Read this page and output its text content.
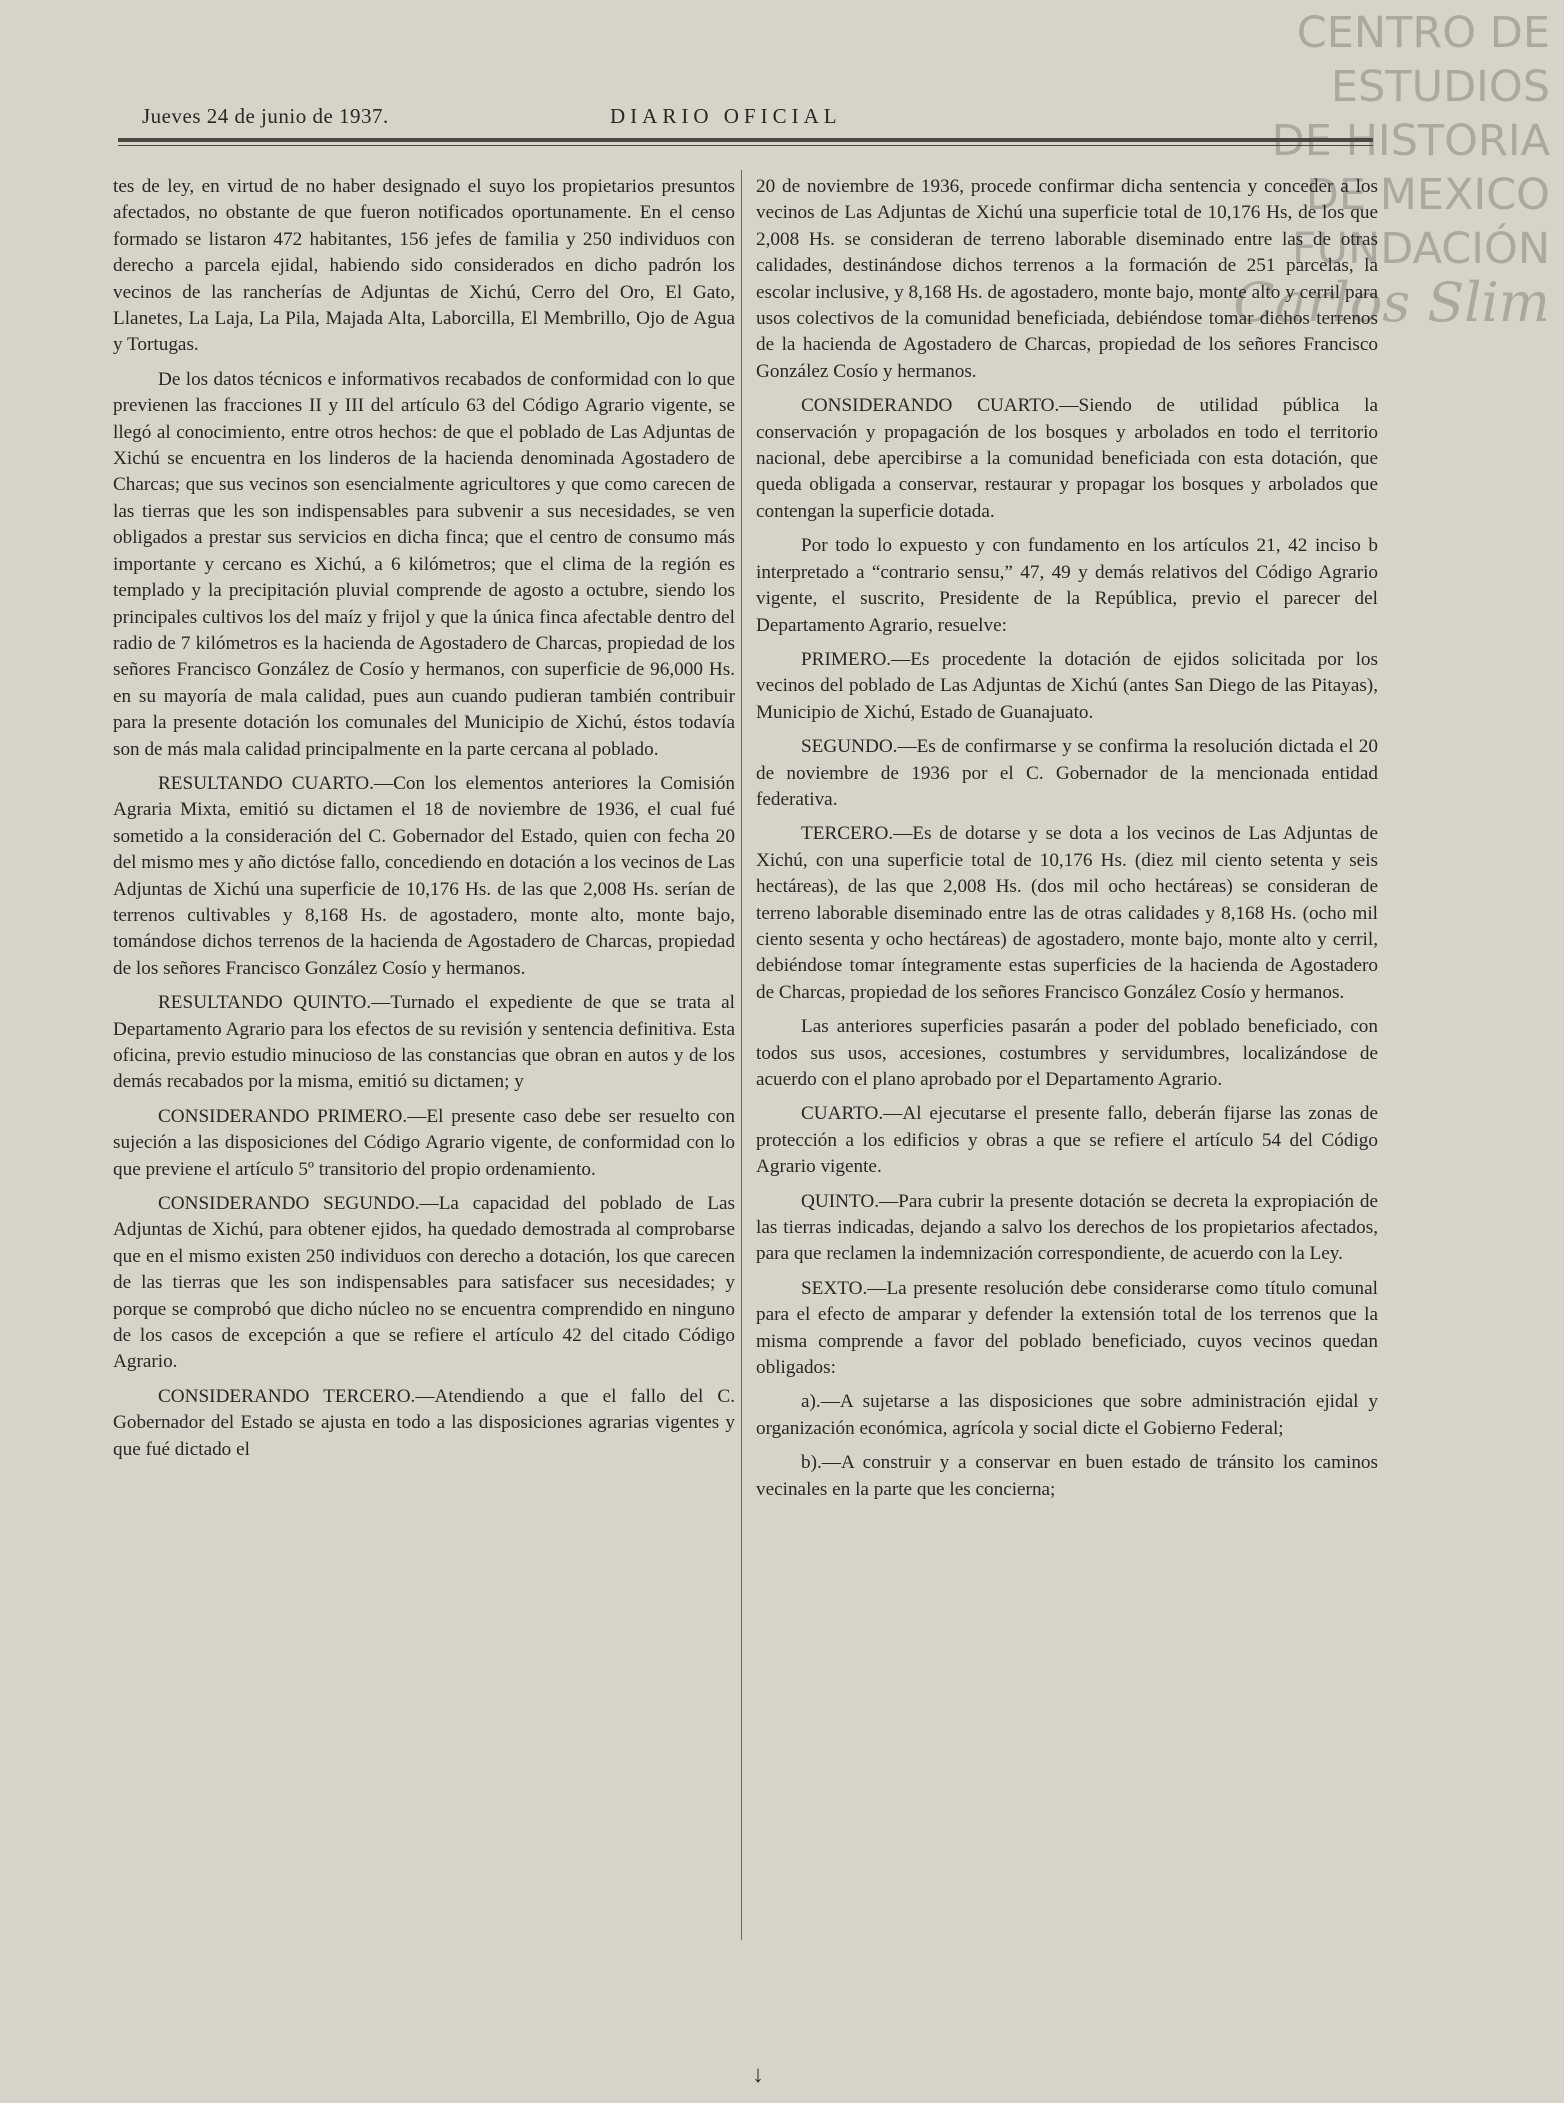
CENTRO DE
ESTUDIOS
DE HISTORIA
DE MEXICO
FUNDACIÓN
Carlos Slim
Jueves 24 de junio de 1937.	DIARIO OFICIAL

tes de ley, en virtud de no haber designado el suyo los propietarios presuntos afectados, no obstante de que fueron notificados oportunamente. En el censo formado se listaron 472 habitantes, 156 jefes de familia y 250 individuos con derecho a parcela ejidal, habiendo sido considerados en dicho padrón los vecinos de las rancherías de Adjuntas de Xichú, Cerro del Oro, El Gato, Llanetes, La Laja, La Pila, Majada Alta, Laborcilla, El Membrillo, Ojo de Agua y Tortugas.

De los datos técnicos e informativos recabados de conformidad con lo que previenen las fracciones II y III del artículo 63 del Código Agrario vigente, se llegó al conocimiento, entre otros hechos: de que el poblado de Las Adjuntas de Xichú se encuentra en los linderos de la hacienda denominada Agostadero de Charcas; que sus vecinos son esencialmente agricultores y que como carecen de las tierras que les son indispensables para subvenir a sus necesidades, se ven obligados a prestar sus servicios en dicha finca; que el centro de consumo más importante y cercano es Xichú, a 6 kilómetros; que el clima de la región es templado y la precipitación pluvial comprende de agosto a octubre, siendo los principales cultivos los del maíz y frijol y que la única finca afectable dentro del radio de 7 kilómetros es la hacienda de Agostadero de Charcas, propiedad de los señores Francisco González de Cosío y hermanos, con superficie de 96,000 Hs. en su mayoría de mala calidad, pues aun cuando pudieran también contribuir para la presente dotación los comunales del Municipio de Xichú, éstos todavía son de más mala calidad principalmente en la parte cercana al poblado.

RESULTANDO CUARTO.—Con los elementos anteriores la Comisión Agraria Mixta, emitió su dictamen el 18 de noviembre de 1936, el cual fué sometido a la consideración del C. Gobernador del Estado, quien con fecha 20 del mismo mes y año dictóse fallo, concediendo en dotación a los vecinos de Las Adjuntas de Xichú una superficie de 10,176 Hs. de las que 2,008 Hs. serían de terrenos cultivables y 8,168 Hs. de agostadero, monte alto, monte bajo, tomándose dichos terrenos de la hacienda de Agostadero de Charcas, propiedad de los señores Francisco González Cosío y hermanos.

RESULTANDO QUINTO.—Turnado el expediente de que se trata al Departamento Agrario para los efectos de su revisión y sentencia definitiva. Esta oficina, previo estudio minucioso de las constancias que obran en autos y de los demás recabados por la misma, emitió su dictamen; y

CONSIDERANDO PRIMERO.—El presente caso debe ser resuelto con sujeción a las disposiciones del Código Agrario vigente, de conformidad con lo que previene el artículo 5º transitorio del propio ordenamiento.

CONSIDERANDO SEGUNDO.—La capacidad del poblado de Las Adjuntas de Xichú, para obtener ejidos, ha quedado demostrada al comprobarse que en el mismo existen 250 individuos con derecho a dotación, los que carecen de las tierras que les son indispensables para satisfacer sus necesidades; y porque se comprobó que dicho núcleo no se encuentra comprendido en ninguno de los casos de excepción a que se refiere el artículo 42 del citado Código Agrario.

CONSIDERANDO TERCERO.—Atendiendo a que el fallo del C. Gobernador del Estado se ajusta en todo a las disposiciones agrarias vigentes y que fué dictado el

20 de noviembre de 1936, procede confirmar dicha sentencia y conceder a los vecinos de Las Adjuntas de Xichú una superficie total de 10,176 Hs, de los que 2,008 Hs. se consideran de terreno laborable diseminado entre las de otras calidades, destinándose dichos terrenos a la formación de 251 parcelas, la escolar inclusive, y 8,168 Hs. de agostadero, monte bajo, monte alto y cerril para usos colectivos de la comunidad beneficiada, debiéndose tomar dichos terrenos de la hacienda de Agostadero de Charcas, propiedad de los señores Francisco González Cosío y hermanos.

CONSIDERANDO CUARTO.—Siendo de utilidad pública la conservación y propagación de los bosques y arbolados en todo el territorio nacional, debe apercibirse a la comunidad beneficiada con esta dotación, que queda obligada a conservar, restaurar y propagar los bosques y arbolados que contengan la superficie dotada.

Por todo lo expuesto y con fundamento en los artículos 21, 42 inciso b interpretado a “contrario sensu,” 47, 49 y demás relativos del Código Agrario vigente, el suscrito, Presidente de la República, previo el parecer del Departamento Agrario, resuelve:

PRIMERO.—Es procedente la dotación de ejidos solicitada por los vecinos del poblado de Las Adjuntas de Xichú (antes San Diego de las Pitayas), Municipio de Xichú, Estado de Guanajuato.

SEGUNDO.—Es de confirmarse y se confirma la resolución dictada el 20 de noviembre de 1936 por el C. Gobernador de la mencionada entidad federativa.

TERCERO.—Es de dotarse y se dota a los vecinos de Las Adjuntas de Xichú, con una superficie total de 10,176 Hs. (diez mil ciento setenta y seis hectáreas), de las que 2,008 Hs. (dos mil ocho hectáreas) se consideran de terreno laborable diseminado entre las de otras calidades y 8,168 Hs. (ocho mil ciento sesenta y ocho hectáreas) de agostadero, monte bajo, monte alto y cerril, debiéndose tomar íntegramente estas superficies de la hacienda de Agostadero de Charcas, propiedad de los señores Francisco González Cosío y hermanos.

Las anteriores superficies pasarán a poder del poblado beneficiado, con todos sus usos, accesiones, costumbres y servidumbres, localizándose de acuerdo con el plano aprobado por el Departamento Agrario.

CUARTO.—Al ejecutarse el presente fallo, deberán fijarse las zonas de protección a los edificios y obras a que se refiere el artículo 54 del Código Agrario vigente.

QUINTO.—Para cubrir la presente dotación se decreta la expropiación de las tierras indicadas, dejando a salvo los derechos de los propietarios afectados, para que reclamen la indemnización correspondiente, de acuerdo con la Ley.

SEXTO.—La presente resolución debe considerarse como título comunal para el efecto de amparar y defender la extensión total de los terrenos que la misma comprende a favor del poblado beneficiado, cuyos vecinos quedan obligados:

a).—A sujetarse a las disposiciones que sobre administración ejidal y organización económica, agrícola y social dicte el Gobierno Federal;

b).—A construir y a conservar en buen estado de tránsito los caminos vecinales en la parte que les concierna;

↓
